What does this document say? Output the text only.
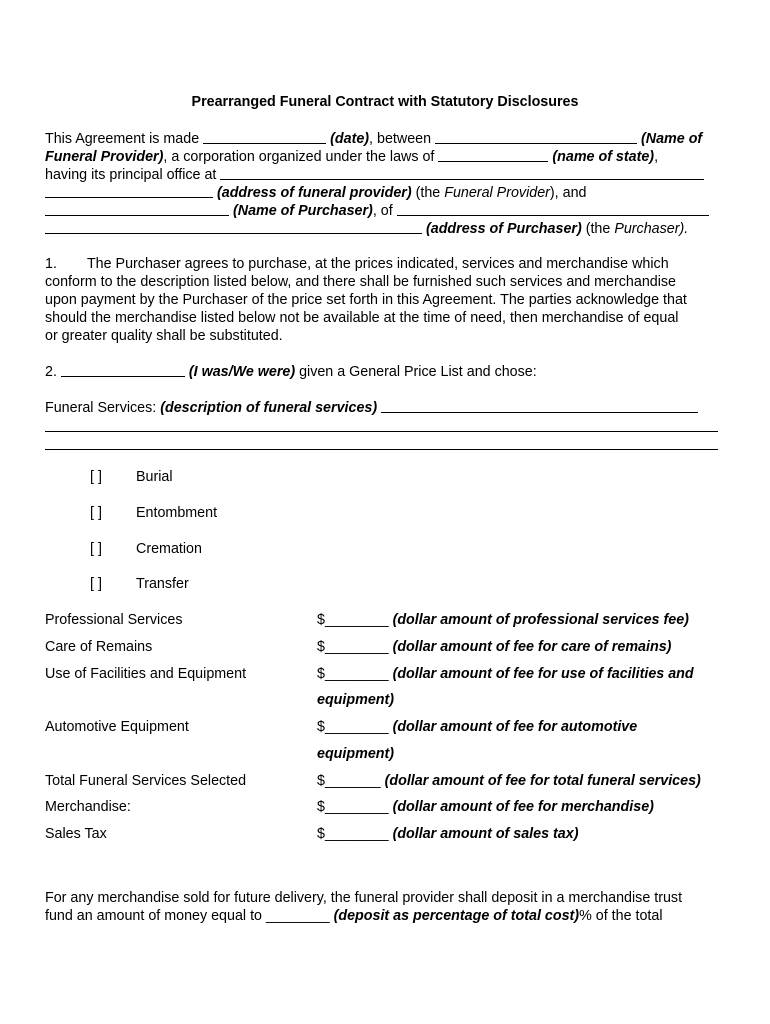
Prearranged Funeral Contract with Statutory Disclosures
This Agreement is made	(date), between	(Name of
Funeral Provider), a corporation organized under the laws of	(name of state),
having its principal office at
(address of funeral provider) (the Funeral Provider), and
(Name of Purchaser), of
(address of Purchaser) (the Purchaser).
1. The Purchaser agrees to purchase, at the prices indicated, services and merchandise which
conform to the description listed below, and there shall be furnished such services and merchandise
upon payment by the Purchaser of the price set forth in this Agreement. The parties acknowledge that
should the merchandise listed below not be available at the time of need, then merchandise of equal
or greater quality shall be substituted.
2.	(I was/We were) given a General Price List and chose:
Funeral Services: (description of funeral services)
[ ] Burial
[ ] Entombment
[ ] Cremation
[ ] Transfer
Professional Services	$________ (dollar amount of professional services fee)
Care of Remains	$________ (dollar amount of fee for care of remains)
Use of Facilities and Equipment	$________ (dollar amount of fee for use of facilities and
equipment)
Automotive Equipment	$________ (dollar amount of fee for automotive
equipment)
Total Funeral Services Selected	$_______ (dollar amount of fee for total funeral services)
Merchandise:	$________ (dollar amount of fee for merchandise)
Sales Tax	$________ (dollar amount of sales tax)
For any merchandise sold for future delivery, the funeral provider shall deposit in a merchandise trust
fund an amount of money equal to ________ (deposit as percentage of total cost)% of the total
